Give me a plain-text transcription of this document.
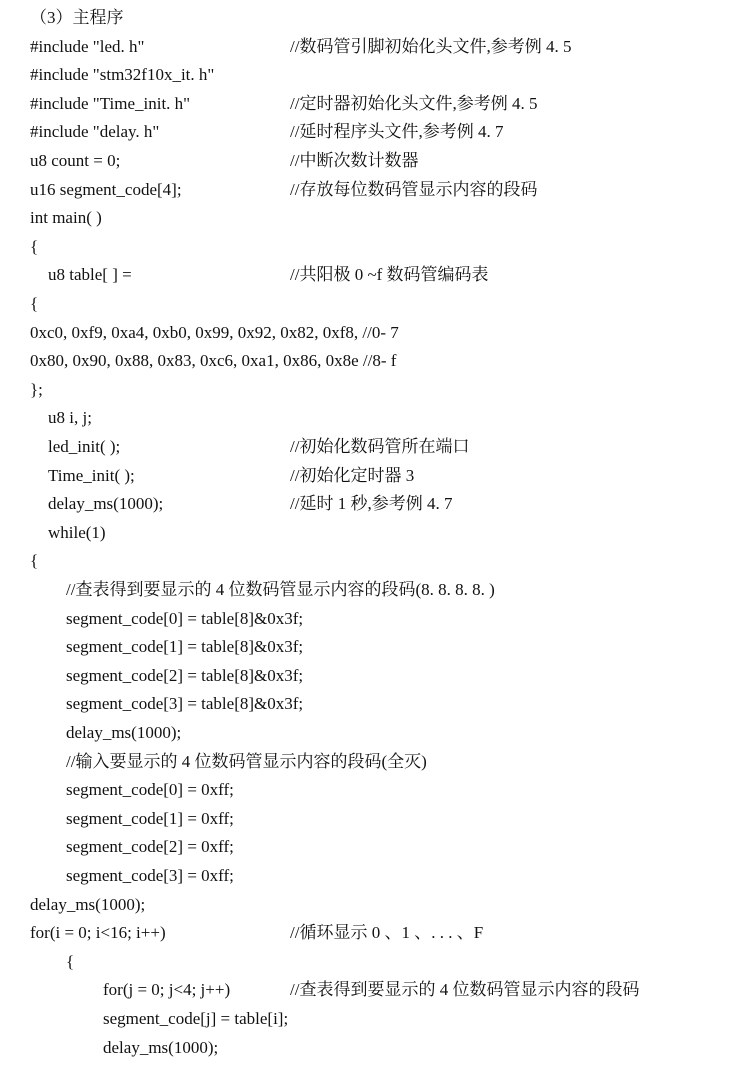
（3）主程序

#include "led. h"	//数码管引脚初始化头文件,参考例 4. 5
#include "stm32f10x_it. h"
#include "Time_init. h"	//定时器初始化头文件,参考例 4. 5
#include "delay. h"	//延时程序头文件,参考例 4. 7
u8 count = 0;	//中断次数计数器
u16 segment_code[4];	//存放每位数码管显示内容的段码
int main( )
{
u8 table[ ] =	//共阳极 0 ~f 数码管编码表
{
0xc0, 0xf9, 0xa4, 0xb0, 0x99, 0x92, 0x82, 0xf8, //0- 7
0x80, 0x90, 0x88, 0x83, 0xc6, 0xa1, 0x86, 0x8e //8- f
};
u8 i, j;
led_init( );	//初始化数码管所在端口
Time_init( );	//初始化定时器 3
delay_ms(1000);	//延时 1 秒,参考例 4. 7
while(1)
{
//查表得到要显示的 4 位数码管显示内容的段码(8. 8. 8. 8. )
segment_code[0] = table[8]&0x3f;
segment_code[1] = table[8]&0x3f;
segment_code[2] = table[8]&0x3f;
segment_code[3] = table[8]&0x3f;
delay_ms(1000);
//输入要显示的 4 位数码管显示内容的段码(全灭)
segment_code[0] = 0xff;
segment_code[1] = 0xff;
segment_code[2] = 0xff;
segment_code[3] = 0xff;
delay_ms(1000);
for(i = 0; i<16; i++)	//循环显示 0 、1 、. . . 、F
{
for(j = 0; j<4; j++)	//查表得到要显示的 4 位数码管显示内容的段码
segment_code[j] = table[i];
delay_ms(1000);
